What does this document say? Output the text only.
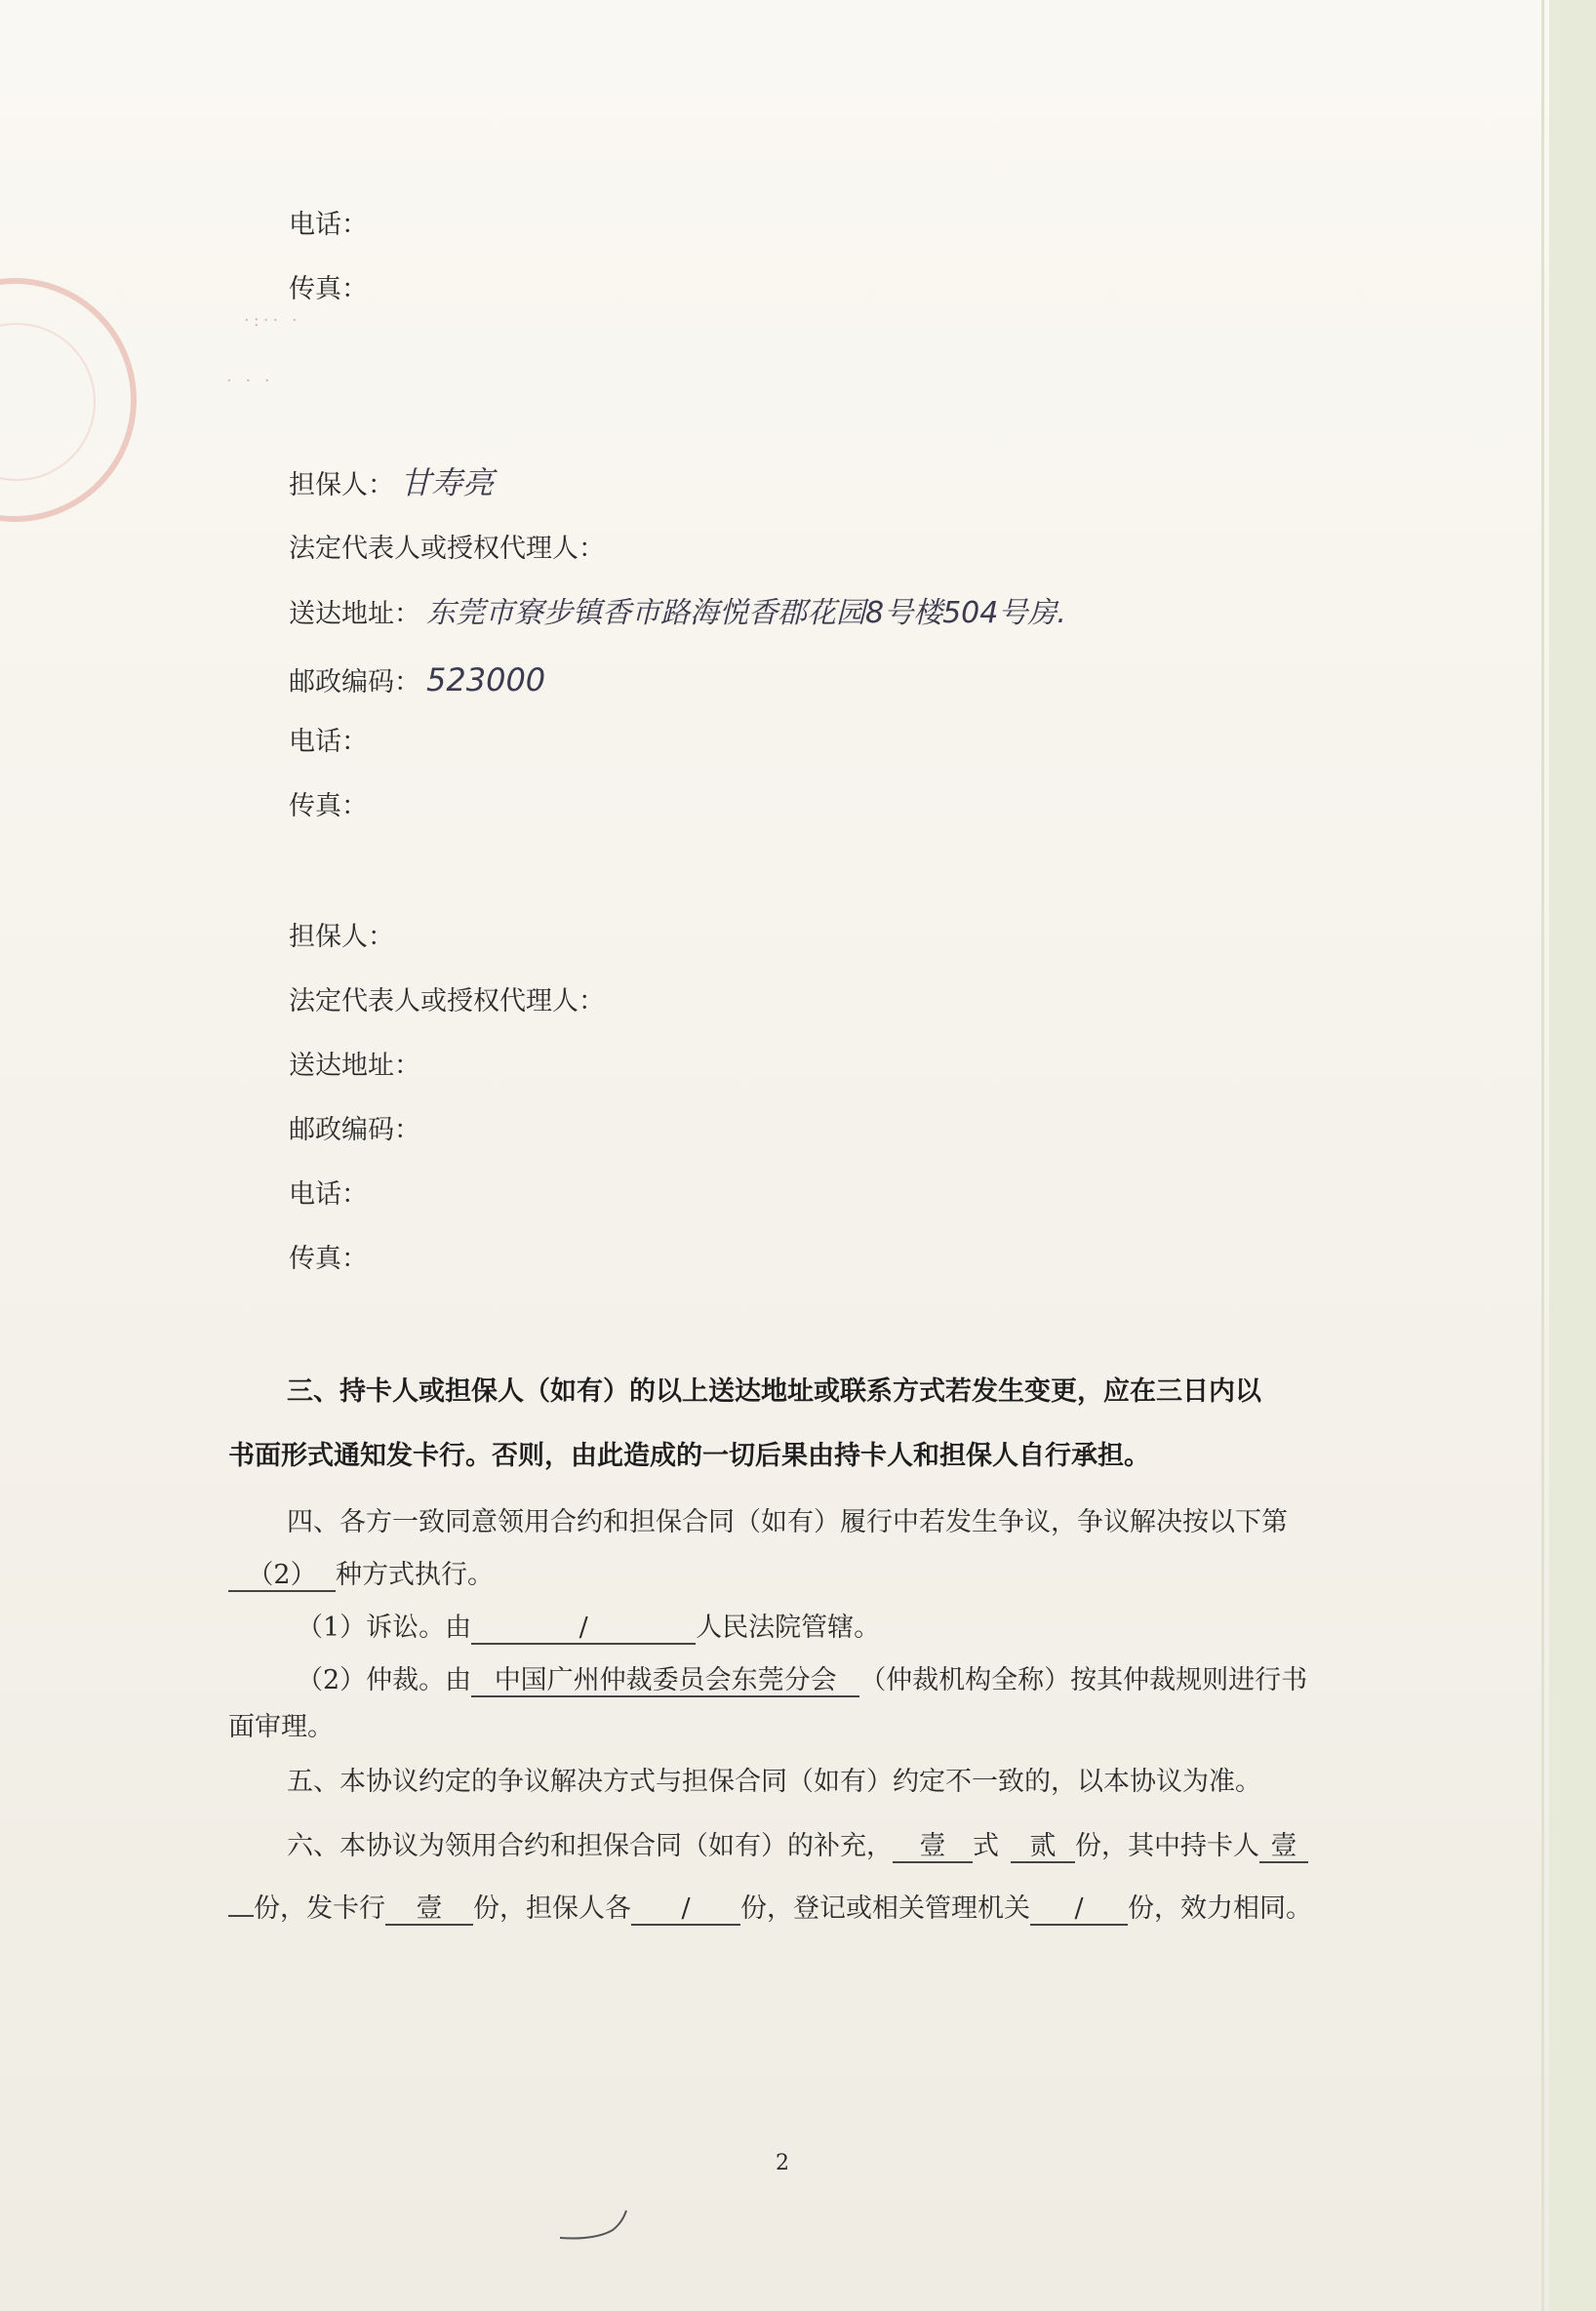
·:·· ·
· · ·
电话：
传真：
担保人： 甘寿亮
法定代表人或授权代理人：
送达地址： 东莞市寮步镇香市路海悦香郡花园8号楼504号房.
邮政编码： 523000
电话：
传真：
担保人：
法定代表人或授权代理人：
送达地址：
邮政编码：
电话：
传真：
三、持卡人或担保人（如有）的以上送达地址或联系方式若发生变更，应在三日内以
书面形式通知发卡行。否则，由此造成的一切后果由持卡人和担保人自行承担。
四、各方一致同意领用合约和担保合同（如有）履行中若发生争议，争议解决按以下第
（2） 种方式执行。
（1）诉讼。由	/	人民法院管辖。
（2）仲裁。由 中国广州仲裁委员会东莞分会 （仲裁机构全称）按其仲裁规则进行书
面审理。
五、本协议约定的争议解决方式与担保合同（如有）约定不一致的，以本协议为准。
六、本协议为领用合约和担保合同（如有）的补充， 壹 式 贰 份，其中持卡人 壹
份，发卡行 壹 份，担保人各 / 份，登记或相关管理机关 / 份，效力相同。
2
